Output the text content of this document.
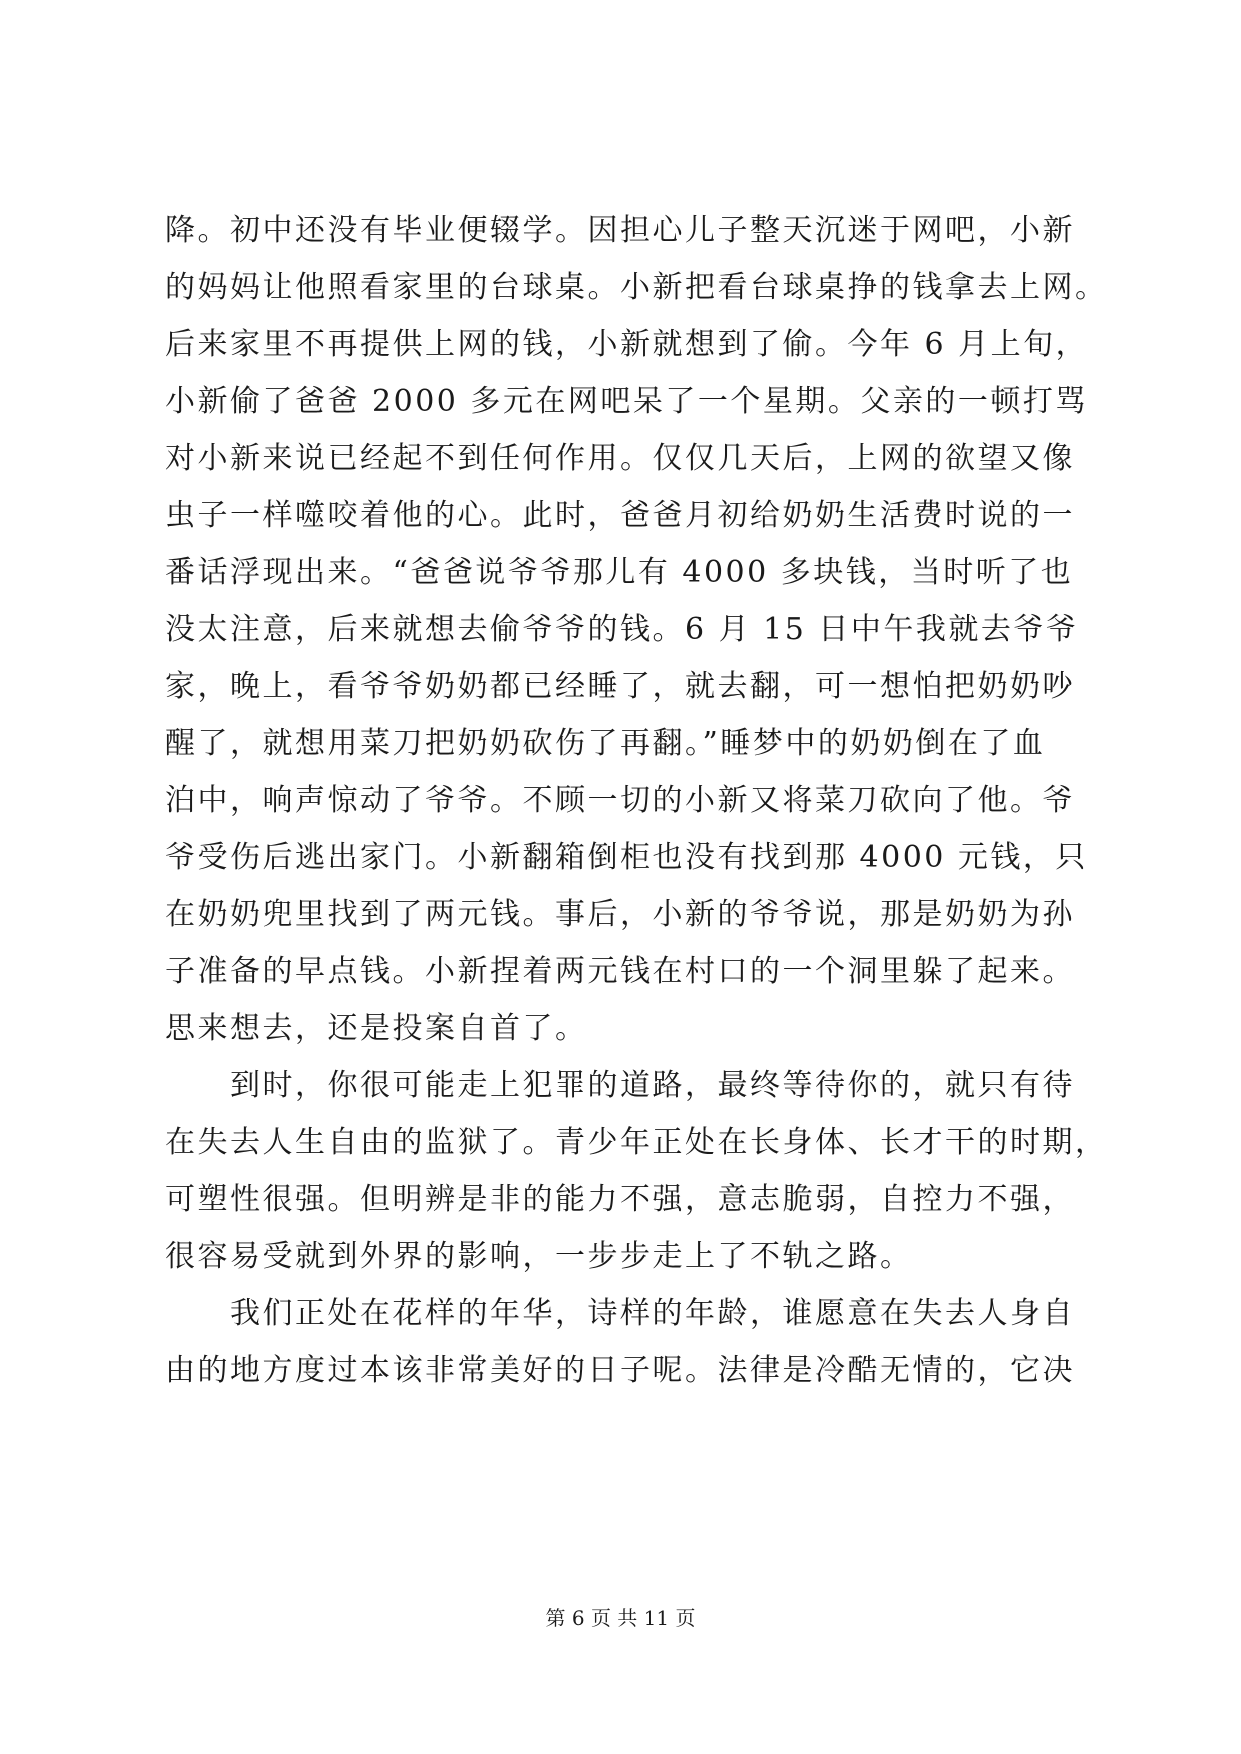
降。初中还没有毕业便辍学。因担心儿子整天沉迷于网吧，小新
的妈妈让他照看家里的台球桌。小新把看台球桌挣的钱拿去上网。
后来家里不再提供上网的钱，小新就想到了偷。今年 6 月上旬，
小新偷了爸爸 2000 多元在网吧呆了一个星期。父亲的一顿打骂
对小新来说已经起不到任何作用。仅仅几天后，上网的欲望又像
虫子一样噬咬着他的心。此时，爸爸月初给奶奶生活费时说的一
番话浮现出来。“爸爸说爷爷那儿有 4000 多块钱，当时听了也
没太注意，后来就想去偷爷爷的钱。6 月 15 日中午我就去爷爷
家，晚上，看爷爷奶奶都已经睡了，就去翻，可一想怕把奶奶吵
醒了，就想用菜刀把奶奶砍伤了再翻。”睡梦中的奶奶倒在了血
泊中，响声惊动了爷爷。不顾一切的小新又将菜刀砍向了他。爷
爷受伤后逃出家门。小新翻箱倒柜也没有找到那 4000 元钱，只
在奶奶兜里找到了两元钱。事后，小新的爷爷说，那是奶奶为孙
子准备的早点钱。小新捏着两元钱在村口的一个洞里躲了起来。
思来想去，还是投案自首了。
到时，你很可能走上犯罪的道路，最终等待你的，就只有待
在失去人生自由的监狱了。青少年正处在长身体、长才干的时期，
可塑性很强。但明辨是非的能力不强，意志脆弱，自控力不强，
很容易受就到外界的影响，一步步走上了不轨之路。
我们正处在花样的年华，诗样的年龄，谁愿意在失去人身自
由的地方度过本该非常美好的日子呢。法律是冷酷无情的，它决
第 6 页 共 11 页
